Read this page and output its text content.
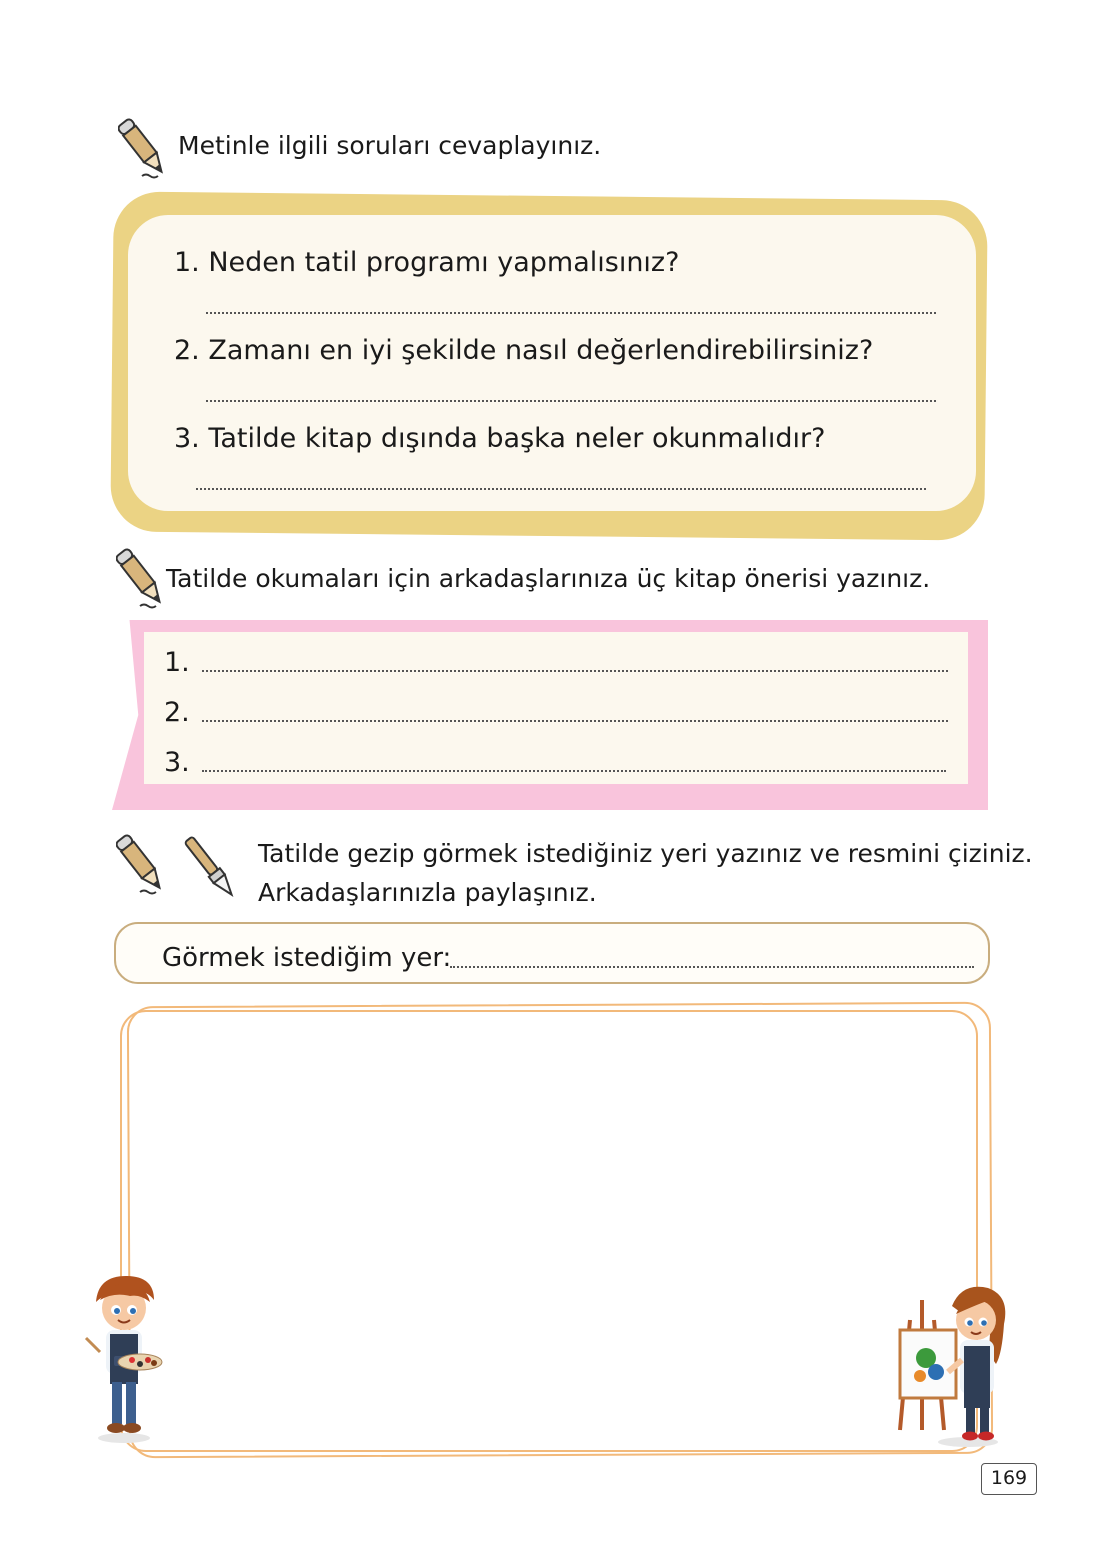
Metinle ilgili soruları cevaplayınız.
1. Neden tatil programı yapmalısınız?
2. Zamanı en iyi şekilde nasıl değerlendirebilirsiniz?
3. Tatilde kitap dışında başka neler okunmalıdır?
Tatilde okumaları için arkadaşlarınıza üç kitap önerisi yazınız.
1.
2.
3.
Tatilde gezip görmek istediğiniz yeri yazınız ve resmini çiziniz.
Arkadaşlarınızla paylaşınız.
Görmek istediğim yer:
169
